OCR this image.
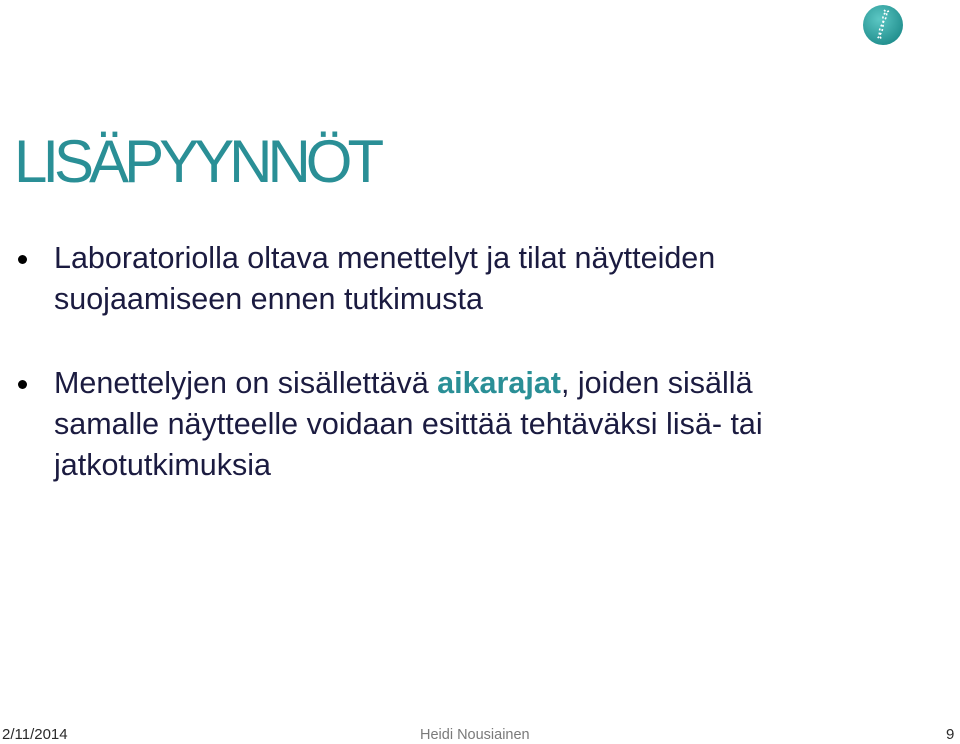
LISÄPYYNNÖT
Laboratoriolla oltava menettelyt ja tilat näytteiden
suojaamiseen ennen tutkimusta
Menettelyjen on sisällettävä aikarajat, joiden sisällä
samalle näytteelle voidaan esittää tehtäväksi lisä- tai
jatkotutkimuksia
2/11/2014	Heidi Nousiainen	9
